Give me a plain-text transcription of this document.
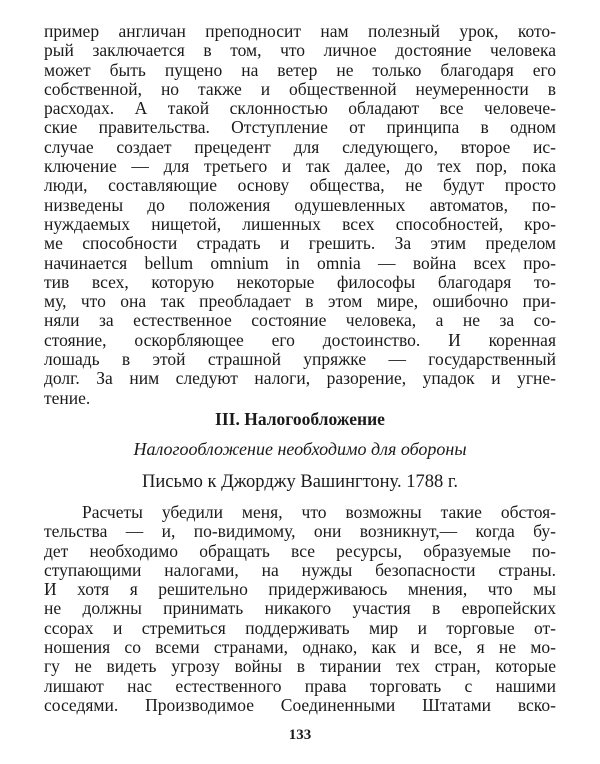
пример англичан преподносит нам полезный урок, кото-
рый заключается в том, что личное достояние человека
может быть пущено на ветер не только благодаря его
собственной, но также и общественной неумеренности в
расходах. А такой склонностью обладают все человече-
ские правительства. Отступление от принципа в одном
случае создает прецедент для следующего, второе ис-
ключение — для третьего и так далее, до тех пор, пока
люди, составляющие основу общества, не будут просто
низведены до положения одушевленных автоматов, по-
нуждаемых нищетой, лишенных всех способностей, кро-
ме способности страдать и грешить. За этим пределом
начинается bellum omnium in omnia — война всех про-
тив всех, которую некоторые философы благодаря то-
му, что она так преобладает в этом мире, ошибочно при-
няли за естественное состояние человека, а не за со-
стояние, оскорбляющее его достоинство. И коренная
лошадь в этой страшной упряжке — государственный
долг. За ним следуют налоги, разорение, упадок и угне-
тение.
III. Налогообложение
Налогообложение необходимо для обороны
Письмо к Джорджу Вашингтону. 1788 г.
Расчеты убедили меня, что возможны такие обстоя-
тельства — и, по-видимому, они возникнут,— когда бу-
дет необходимо обращать все ресурсы, образуемые по-
ступающими налогами, на нужды безопасности страны.
И хотя я решительно придерживаюсь мнения, что мы
не должны принимать никакого участия в европейских
ссорах и стремиться поддерживать мир и торговые от-
ношения со всеми странами, однако, как и все, я не мо-
гу не видеть угрозу войны в тирании тех стран, которые
лишают нас естественного права торговать с нашими
соседями. Производимое Соединенными Штатами вско-
133
